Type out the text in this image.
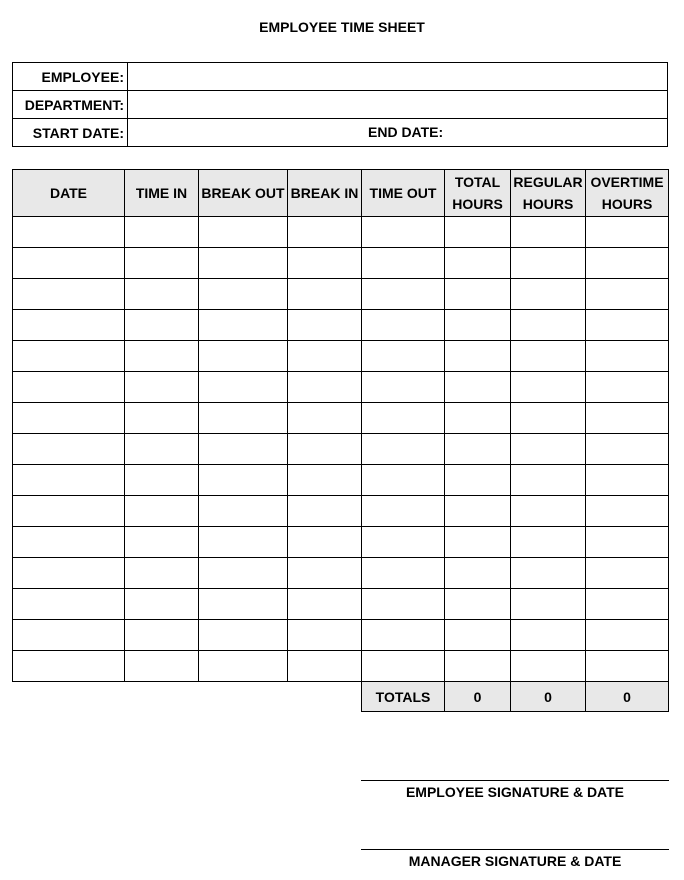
EMPLOYEE TIME SHEET
EMPLOYEE:	
DEPARTMENT:	
START DATE:	END DATE:
DATE	TIME IN	BREAK OUT	BREAK IN	TIME OUT	TOTAL HOURS	REGULAR HOURS	OVERTIME HOURS

TOTALS	0	0	0
EMPLOYEE SIGNATURE & DATE
MANAGER SIGNATURE & DATE
